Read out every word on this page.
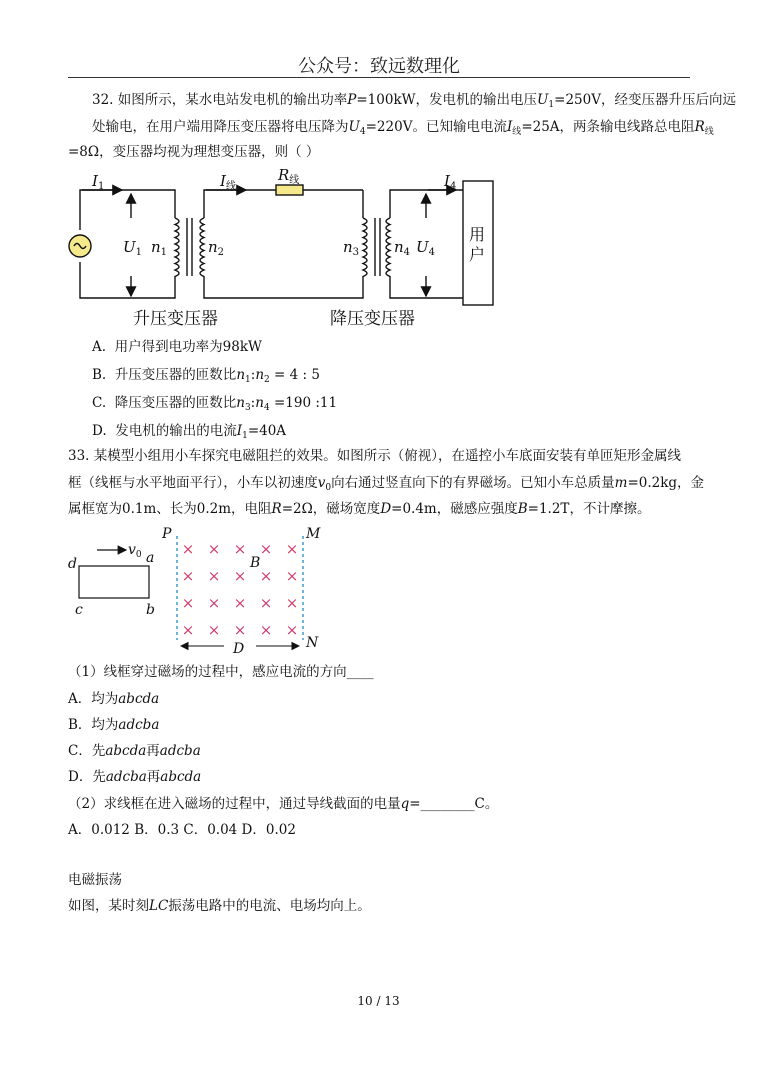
公众号：致远数理化
32. 如图所示，某水电站发电机的输出功率P=100kW，发电机的输出电压$U_1=250V$，经变压器升压后向远
处输电，在用户端用降压变压器将电压降为$U_4=220V$。已知输电电流$I_线=25A$，两条输电线路总电阻$R_线$
=8Ω，变压器均视为理想变压器，则（ ）
$I_1$	$I_线$
$R_线$	$I_4$
$U_1$ $n_1$	$n_2$	$n_3$ $n_4$ $U_4$
用
户
升压变压器	降压变压器
A. 用户得到电功率为98kW
B. 升压变压器的匝数比$n_1:n_2 = 4$ : 5
C. 降压变压器的匝数比$n_3:n_4 =190$ :11
D. 发电机的输出的电流$I_1=40A$
33. 某模型小组用小车探究电磁阻拦的效果。如图所示（俯视），在遥控小车底面安装有单匝矩形金属线
框（线框与水平地面平行），小车以初速度$v_0$向右通过竖直向下的有界磁场。已知小车总质量m=0.2kg，金
属框宽为0.1m、长为0.2m，电阻R=2Ω，磁场宽度D=0.4m，磁感应强度B=1.2T，不计摩擦。
× × × × ×
× × × × ×
× × × × ×
× × × × ×
P	M
N
B
D
$v_0$ a
d
c	b
（1）线框穿过磁场的过程中，感应电流的方向____
A．均为abcda
B．均为adcba
C．先abcda再adcba
D．先adcba再abcda
（2）求线框在进入磁场的过程中，通过导线截面的电量q=________C。
A．0.012 B．0.3 C．0.04 D．0.02
电磁振荡
如图，某时刻LC振荡电路中的电流、电场均向上。
10 / 13
